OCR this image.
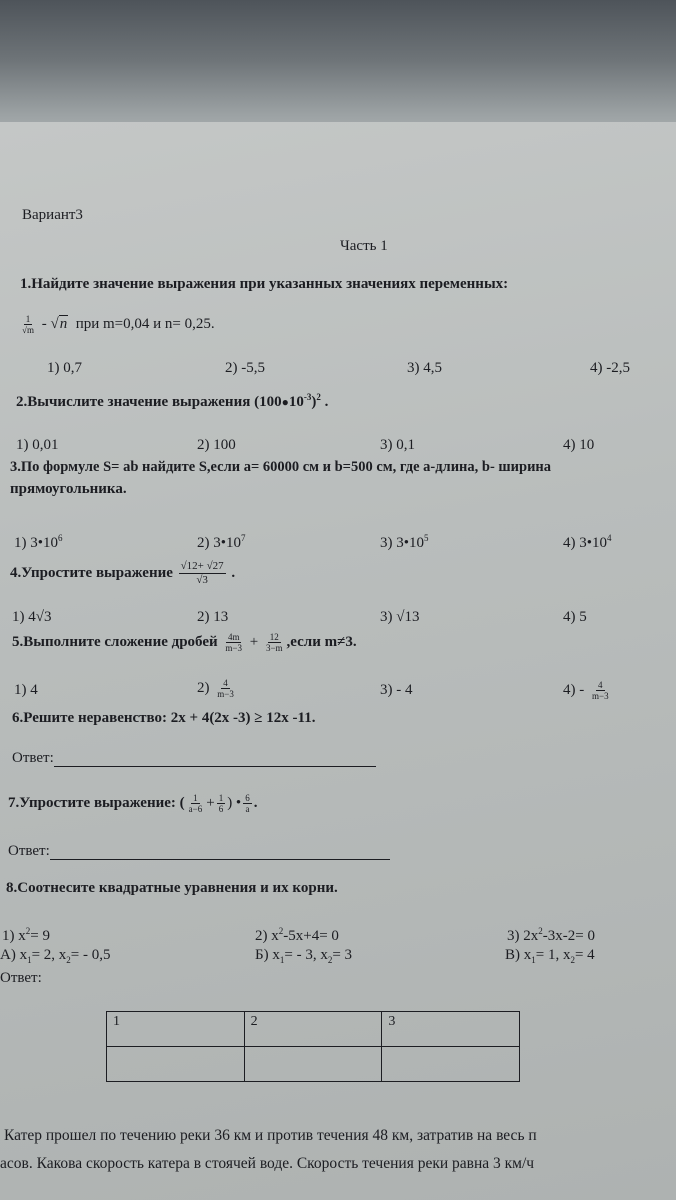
Вариант3
Часть 1
1.Найдите значение выражения при указанных значениях переменных:
$\frac{1}{√m} - √n$ при m=0,04 и n= 0,25.
1) 0,7	2) -5,5	3) 4,5	4) -2,5
2.Вычислите значение выражения $(100●10^{-3})^2$ .
1) 0,01	2) 100	3) 0,1	4) 10
3.По формуле S= ab найдите S,если a= 60000 см и b=500 см, где a-длина, b- ширина
прямоугольника.
1) $3•10^6$	2) $3•10^7$	3) $3•10^5$	4) $3•10^4$
4.Упростите выражение $\frac{√12+ √27}{√3}$ .
1) 4√3	2) 13	3) √13	4) 5
5.Выполните сложение дробей $\frac{4m}{m-3} + \frac{12}{3-m}$ ,если m≠3.
1) 4	$2) \frac{4}{m-3}$	3) - 4	$4) - \frac{4}{m-3}$
6.Решите неравенство: 2x + 4(2x -3) ≥ 12x -11.
Ответ:
7.Упростите выражение: ( $\frac{1}{a-6} + \frac{1}{6}$ ) • $\frac{6}{a}$ .
Ответ:
8.Соотнесите квадратные уравнения и их корни.
1) $x^2= 9$	2) $x^2-5x+4= 0$	3) $2x^2-3x-2= 0$
А) $x_1= 2$, $x_2= - 0,5$	Б) $x_1= - 3$, $x_2= 3$	В) $x_1= 1$, $x_2= 4$
Ответ:
1	2	3

Катер прошел по течению реки 36 км и против течения 48 км, затратив на весь п
асов. Какова скорость катера в стоячей воде. Скорость течения реки равна 3 км/ч
